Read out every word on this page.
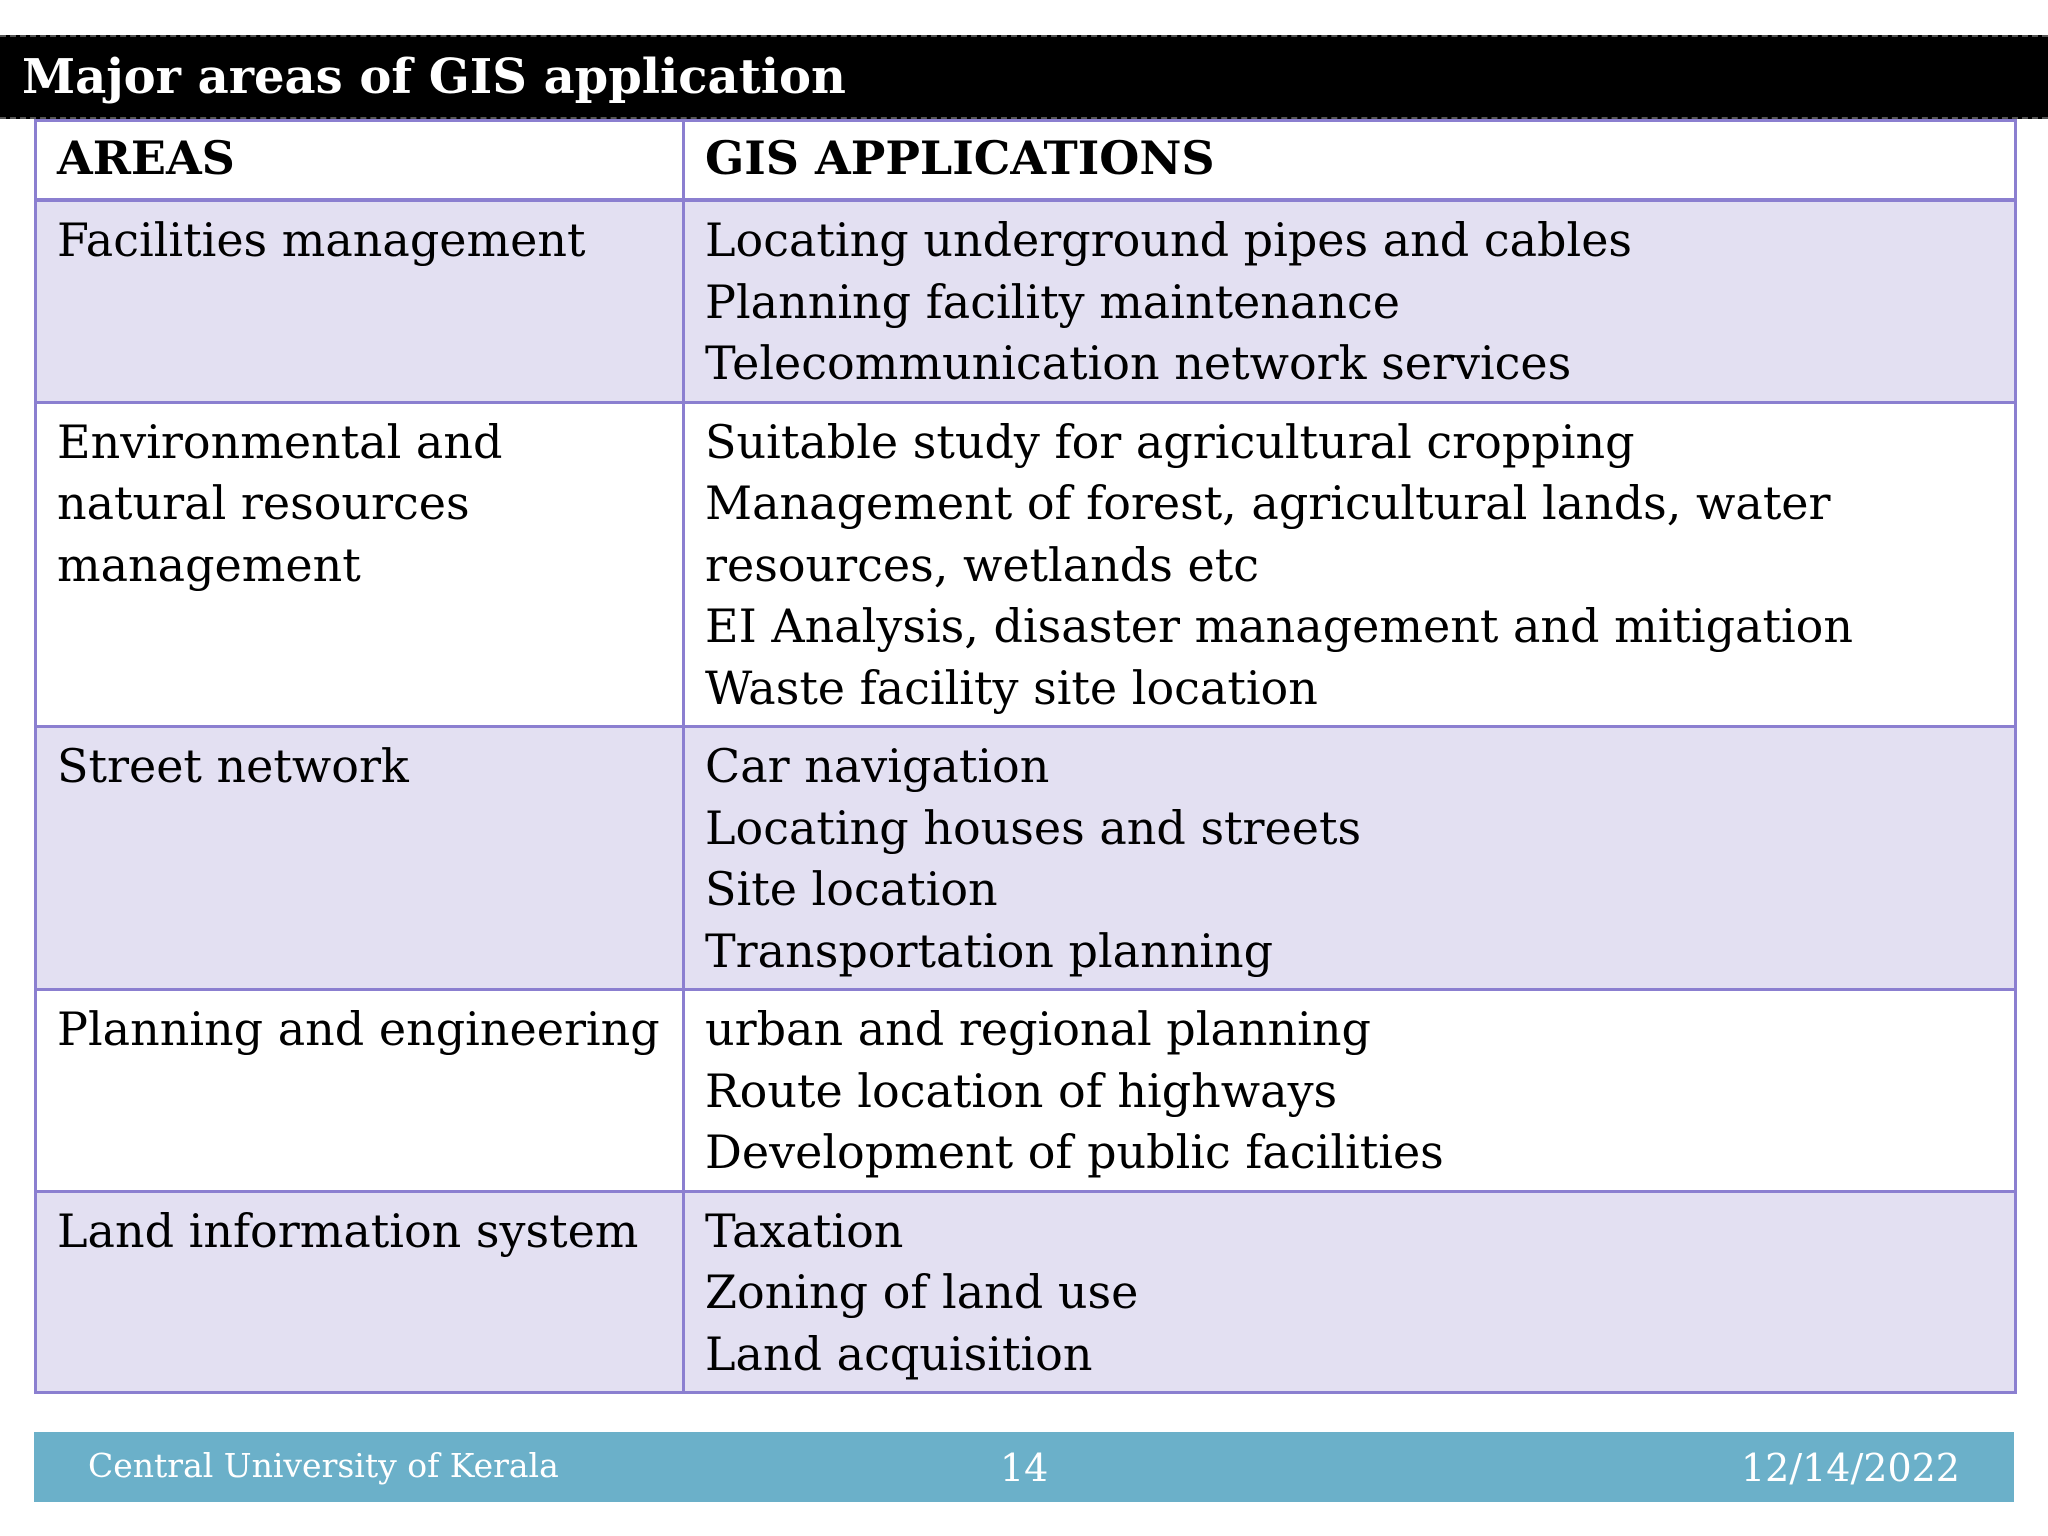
Major areas of GIS application
AREAS	GIS APPLICATIONS

Facilities management	Locating underground pipes and cables
Planning facility maintenance
Telecommunication network services

Environmental and
natural resources
management	Suitable study for agricultural cropping
Management of forest, agricultural lands, water
resources, wetlands etc
EI Analysis, disaster management and mitigation
Waste facility site location

Street network	Car navigation
Locating houses and streets
Site location
Transportation planning

Planning and engineering	urban and regional planning
Route location of highways
Development of public facilities

Land information system	Taxation
Zoning of land use
Land acquisition
Central University of Kerala	14	12/14/2022
